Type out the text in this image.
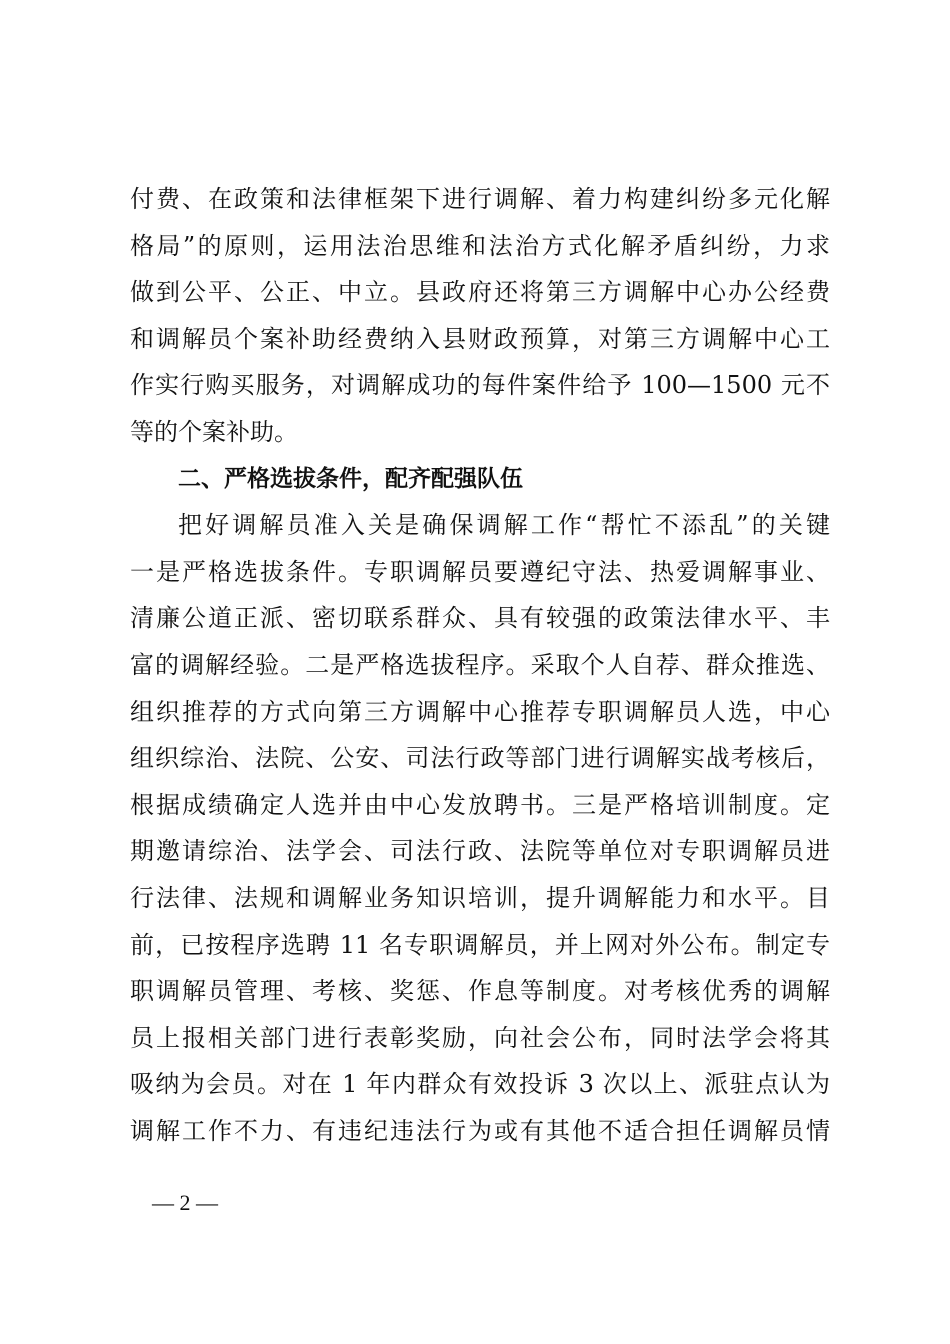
付费、在政策和法律框架下进行调解、着力构建纠纷多元化解
格局”的原则，运用法治思维和法治方式化解矛盾纠纷，力求
做到公平、公正、中立。县政府还将第三方调解中心办公经费
和调解员个案补助经费纳入县财政预算，对第三方调解中心工
作实行购买服务，对调解成功的每件案件给予 100—1500 元不
等的个案补助。
二、严格选拔条件，配齐配强队伍
把好调解员准入关是确保调解工作“帮忙不添乱”的关键
一是严格选拔条件。专职调解员要遵纪守法、热爱调解事业、
清廉公道正派、密切联系群众、具有较强的政策法律水平、丰
富的调解经验。二是严格选拔程序。采取个人自荐、群众推选、
组织推荐的方式向第三方调解中心推荐专职调解员人选，中心
组织综治、法院、公安、司法行政等部门进行调解实战考核后，
根据成绩确定人选并由中心发放聘书。三是严格培训制度。定
期邀请综治、法学会、司法行政、法院等单位对专职调解员进
行法律、法规和调解业务知识培训，提升调解能力和水平。目
前，已按程序选聘 11 名专职调解员，并上网对外公布。制定专
职调解员管理、考核、奖惩、作息等制度。对考核优秀的调解
员上报相关部门进行表彰奖励，向社会公布，同时法学会将其
吸纳为会员。对在 1 年内群众有效投诉 3 次以上、派驻点认为
调解工作不力、有违纪违法行为或有其他不适合担任调解员情
— 2 —
